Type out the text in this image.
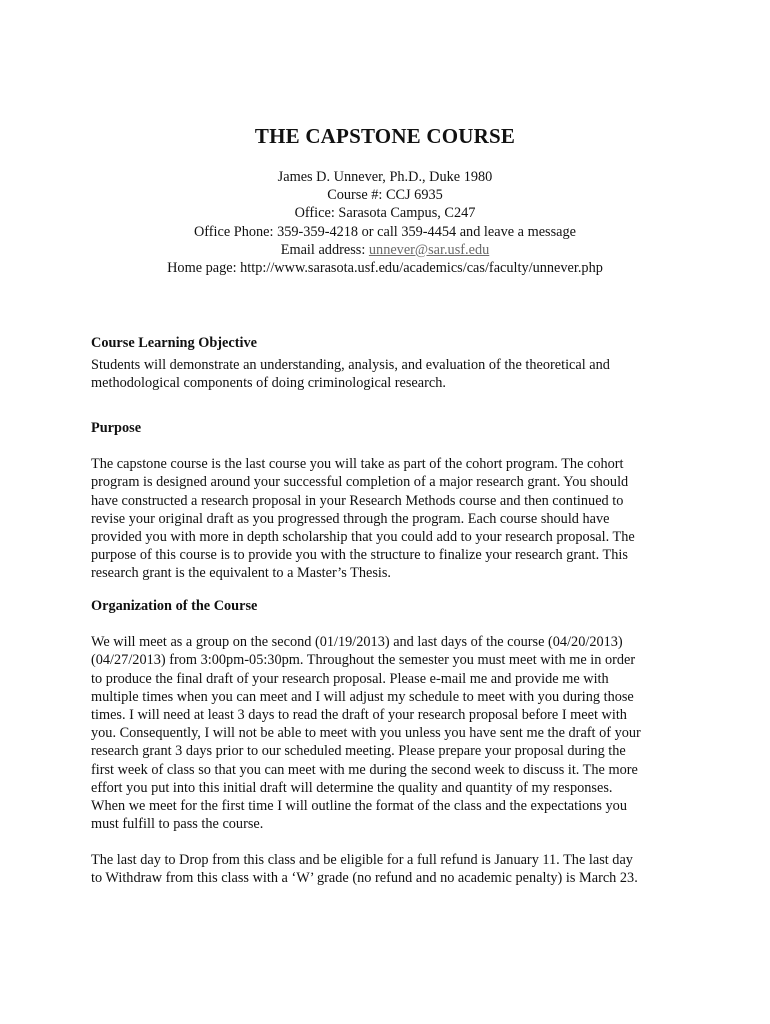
THE CAPSTONE COURSE
James D. Unnever, Ph.D., Duke 1980
Course #: CCJ 6935
Office: Sarasota Campus, C247
Office Phone: 359-359-4218 or call 359-4454 and leave a message
Email address: unnever@sar.usf.edu
Home page: http://www.sarasota.usf.edu/academics/cas/faculty/unnever.php
Course Learning Objective
Students will demonstrate an understanding, analysis, and evaluation of the theoretical and
methodological components of doing criminological research.
Purpose
The capstone course is the last course you will take as part of the cohort program. The cohort
program is designed around your successful completion of a major research grant. You should
have constructed a research proposal in your Research Methods course and then continued to
revise your original draft as you progressed through the program. Each course should have
provided you with more in depth scholarship that you could add to your research proposal. The
purpose of this course is to provide you with the structure to finalize your research grant. This
research grant is the equivalent to a Master’s Thesis.
Organization of the Course
We will meet as a group on the second (01/19/2013) and last days of the course (04/20/2013)
(04/27/2013) from 3:00pm-05:30pm. Throughout the semester you must meet with me in order
to produce the final draft of your research proposal. Please e-mail me and provide me with
multiple times when you can meet and I will adjust my schedule to meet with you during those
times. I will need at least 3 days to read the draft of your research proposal before I meet with
you. Consequently, I will not be able to meet with you unless you have sent me the draft of your
research grant 3 days prior to our scheduled meeting. Please prepare your proposal during the
first week of class so that you can meet with me during the second week to discuss it. The more
effort you put into this initial draft will determine the quality and quantity of my responses.
When we meet for the first time I will outline the format of the class and the expectations you
must fulfill to pass the course.
The last day to Drop from this class and be eligible for a full refund is January 11. The last day
to Withdraw from this class with a ‘W’ grade (no refund and no academic penalty) is March 23.
